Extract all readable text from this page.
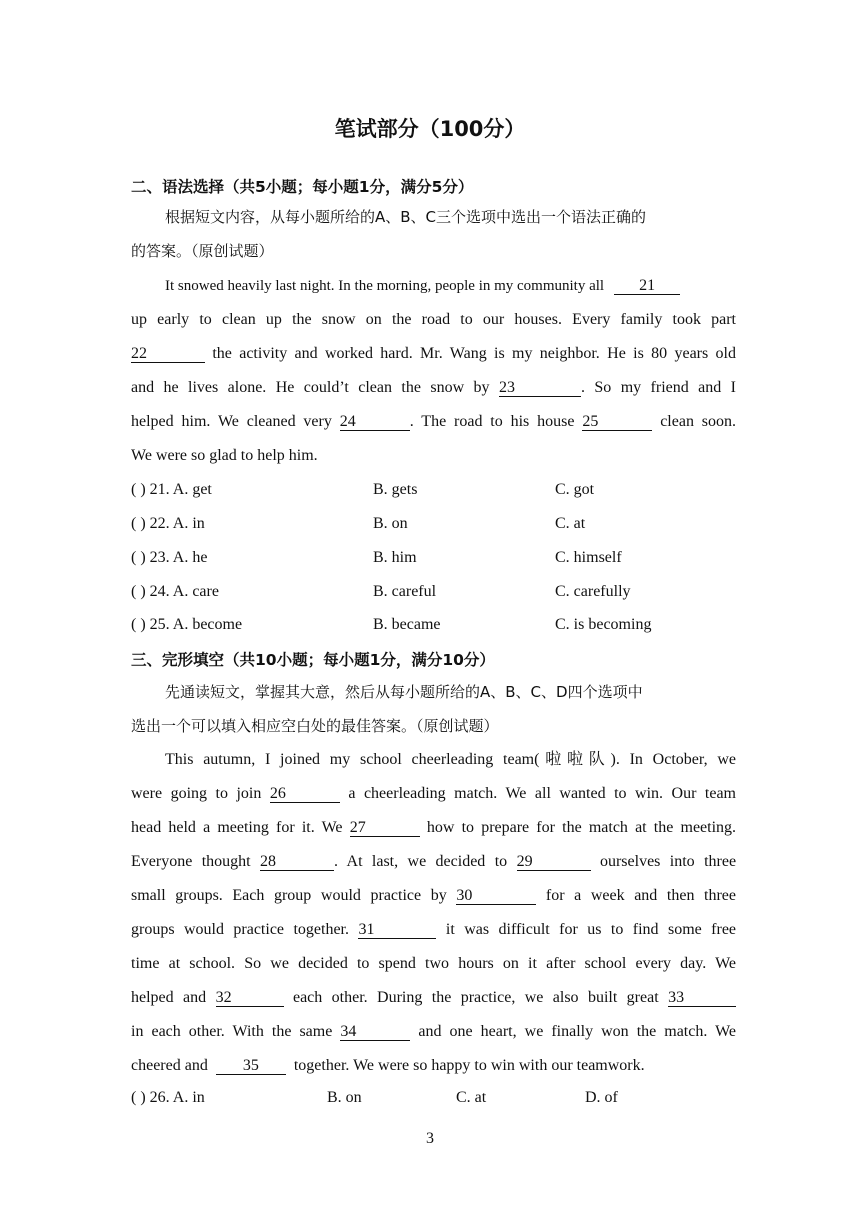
笔试部分（100分）
二、语法选择（共5小题；每小题1分，满分5分）
根据短文内容，从每小题所给的A、B、C三个选项中选出一个语法正确的
的答案。（原创试题）
It snowed heavily last night. In the morning, people in my community all 21
up early to clean up the snow on the road to our houses. Every family took part
22	the activity and worked hard. Mr. Wang is my neighbor. He is 80 years old
and he lives alone. He could’t clean the snow by 23	. So my friend and I
helped him. We cleaned very 24	. The road to his house 25	clean soon.
We were so glad to help him.
( ) 21. A. get	B. gets	C. got
( ) 22. A. in	B. on	C. at
( ) 23. A. he	B. him	C. himself
( ) 24. A. care	B. careful	C. carefully
( ) 25. A. become	B. became	C. is becoming
三、完形填空（共10小题；每小题1分，满分10分）
先通读短文，掌握其大意，然后从每小题所给的A、B、C、D四个选项中
选出一个可以填入相应空白处的最佳答案。（原创试题）
This autumn, I joined my school cheerleading team(啦啦队). In October, we
were going to join 26	a cheerleading match. We all wanted to win. Our team
head held a meeting for it. We 27	how to prepare for the match at the meeting.
Everyone thought 28	. At last, we decided to 29	ourselves into three
small groups. Each group would practice by 30	for a week and then three
groups would practice together. 31	it was difficult for us to find some free
time at school. So we decided to spend two hours on it after school every day. We
helped and 32	each other. During the practice, we also built great 33
in each other. With the same 34	and one heart, we finally won the match. We
cheered and 35 together. We were so happy to win with our teamwork.
( ) 26. A. in	B. on	C. at	D. of
3
